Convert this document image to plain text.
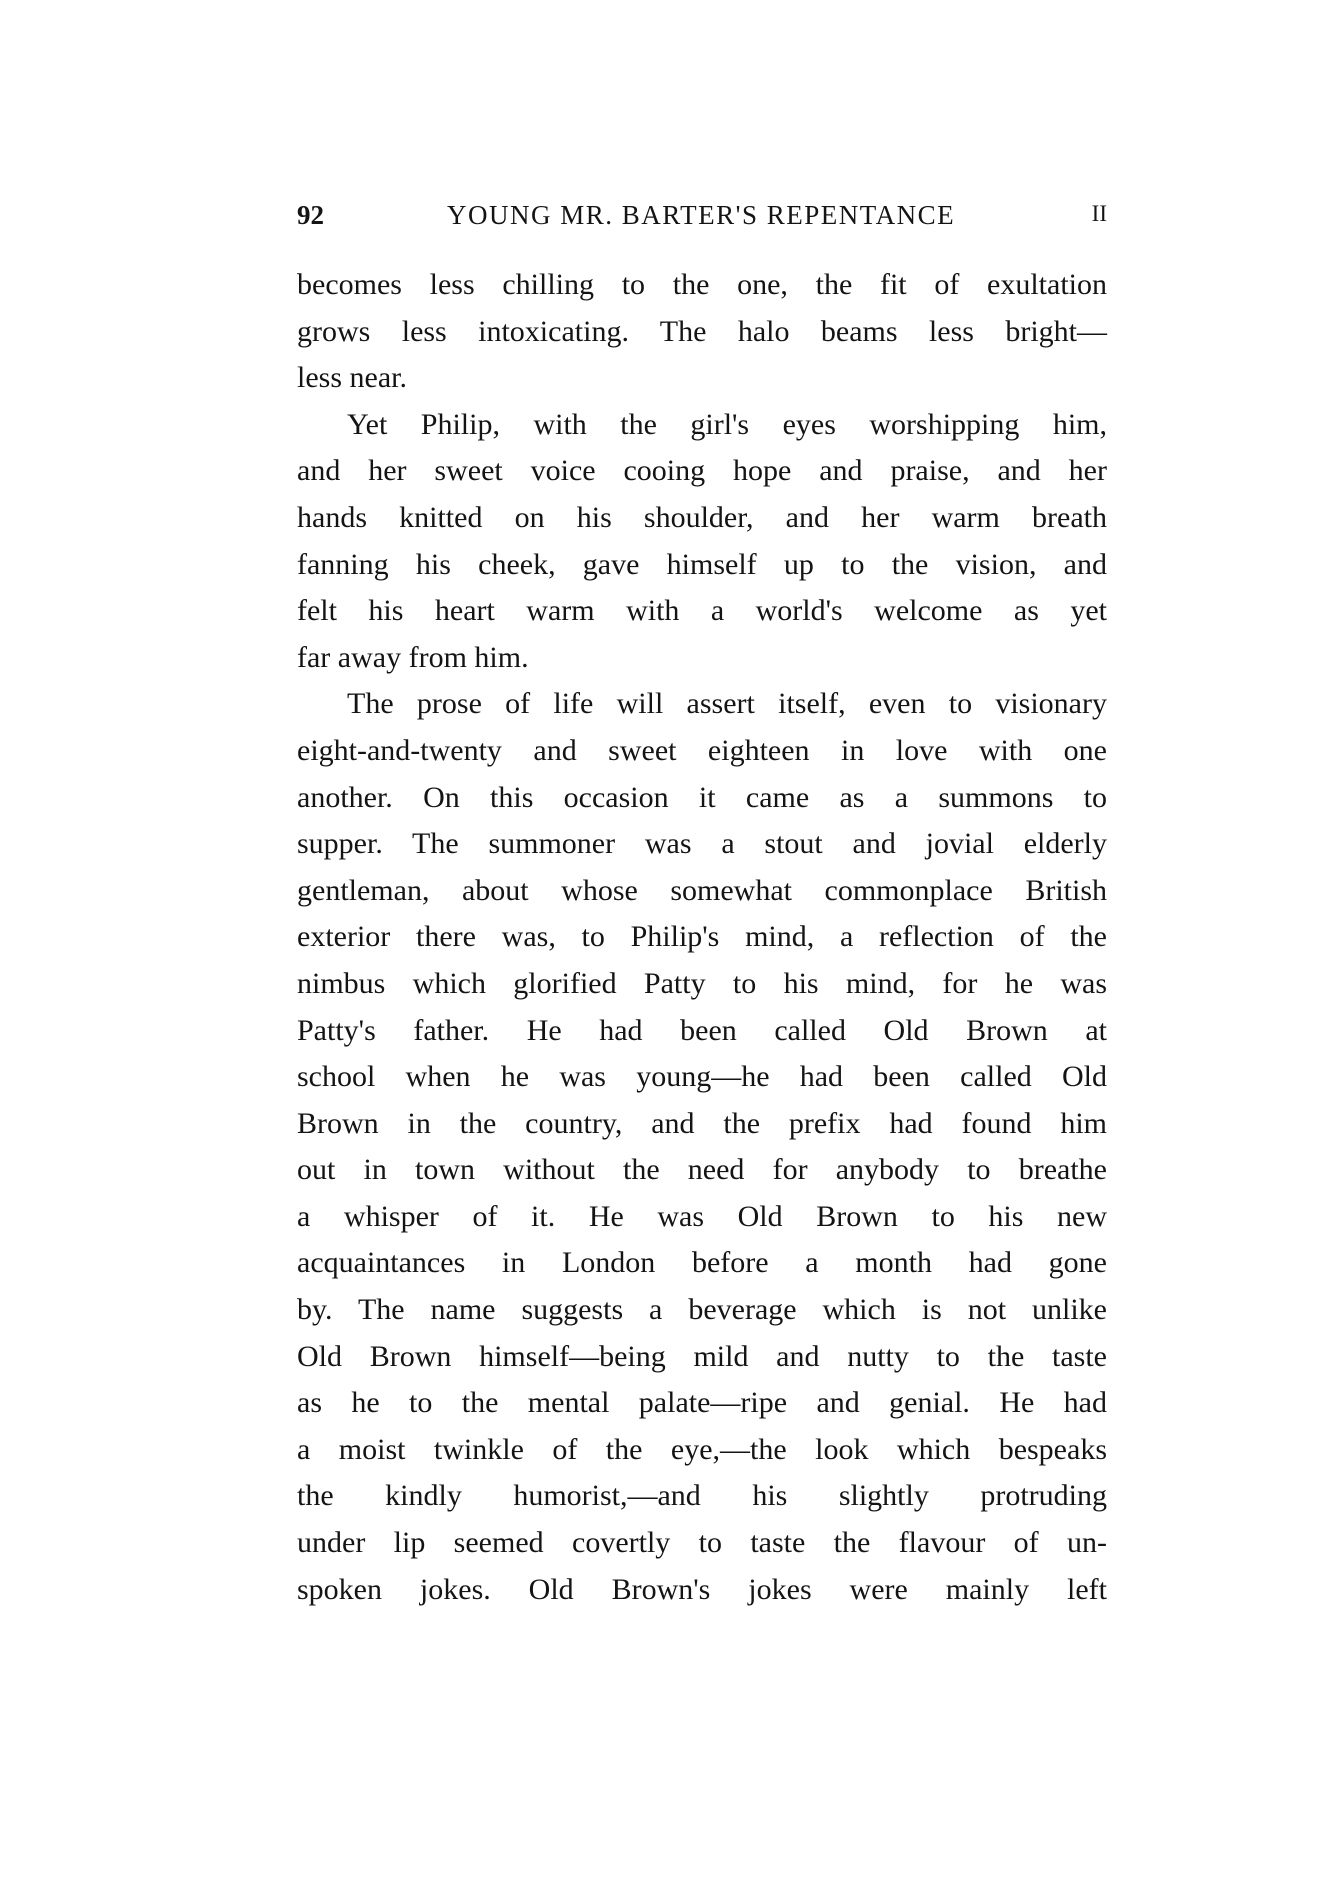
92	YOUNG MR. BARTER'S REPENTANCE	II
becomes less chilling to the one, the fit of exultation
grows less intoxicating. The halo beams less bright—
less near.
Yet Philip, with the girl's eyes worshipping him,
and her sweet voice cooing hope and praise, and her
hands knitted on his shoulder, and her warm breath
fanning his cheek, gave himself up to the vision, and
felt his heart warm with a world's welcome as yet
far away from him.
The prose of life will assert itself, even to visionary
eight-and-twenty and sweet eighteen in love with one
another. On this occasion it came as a summons to
supper. The summoner was a stout and jovial elderly
gentleman, about whose somewhat commonplace British
exterior there was, to Philip's mind, a reflection of the
nimbus which glorified Patty to his mind, for he was
Patty's father. He had been called Old Brown at
school when he was young—he had been called Old
Brown in the country, and the prefix had found him
out in town without the need for anybody to breathe
a whisper of it. He was Old Brown to his new
acquaintances in London before a month had gone
by. The name suggests a beverage which is not unlike
Old Brown himself—being mild and nutty to the taste
as he to the mental palate—ripe and genial. He had
a moist twinkle of the eye,—the look which bespeaks
the kindly humorist,—and his slightly protruding
under lip seemed covertly to taste the flavour of un-
spoken jokes. Old Brown's jokes were mainly left
